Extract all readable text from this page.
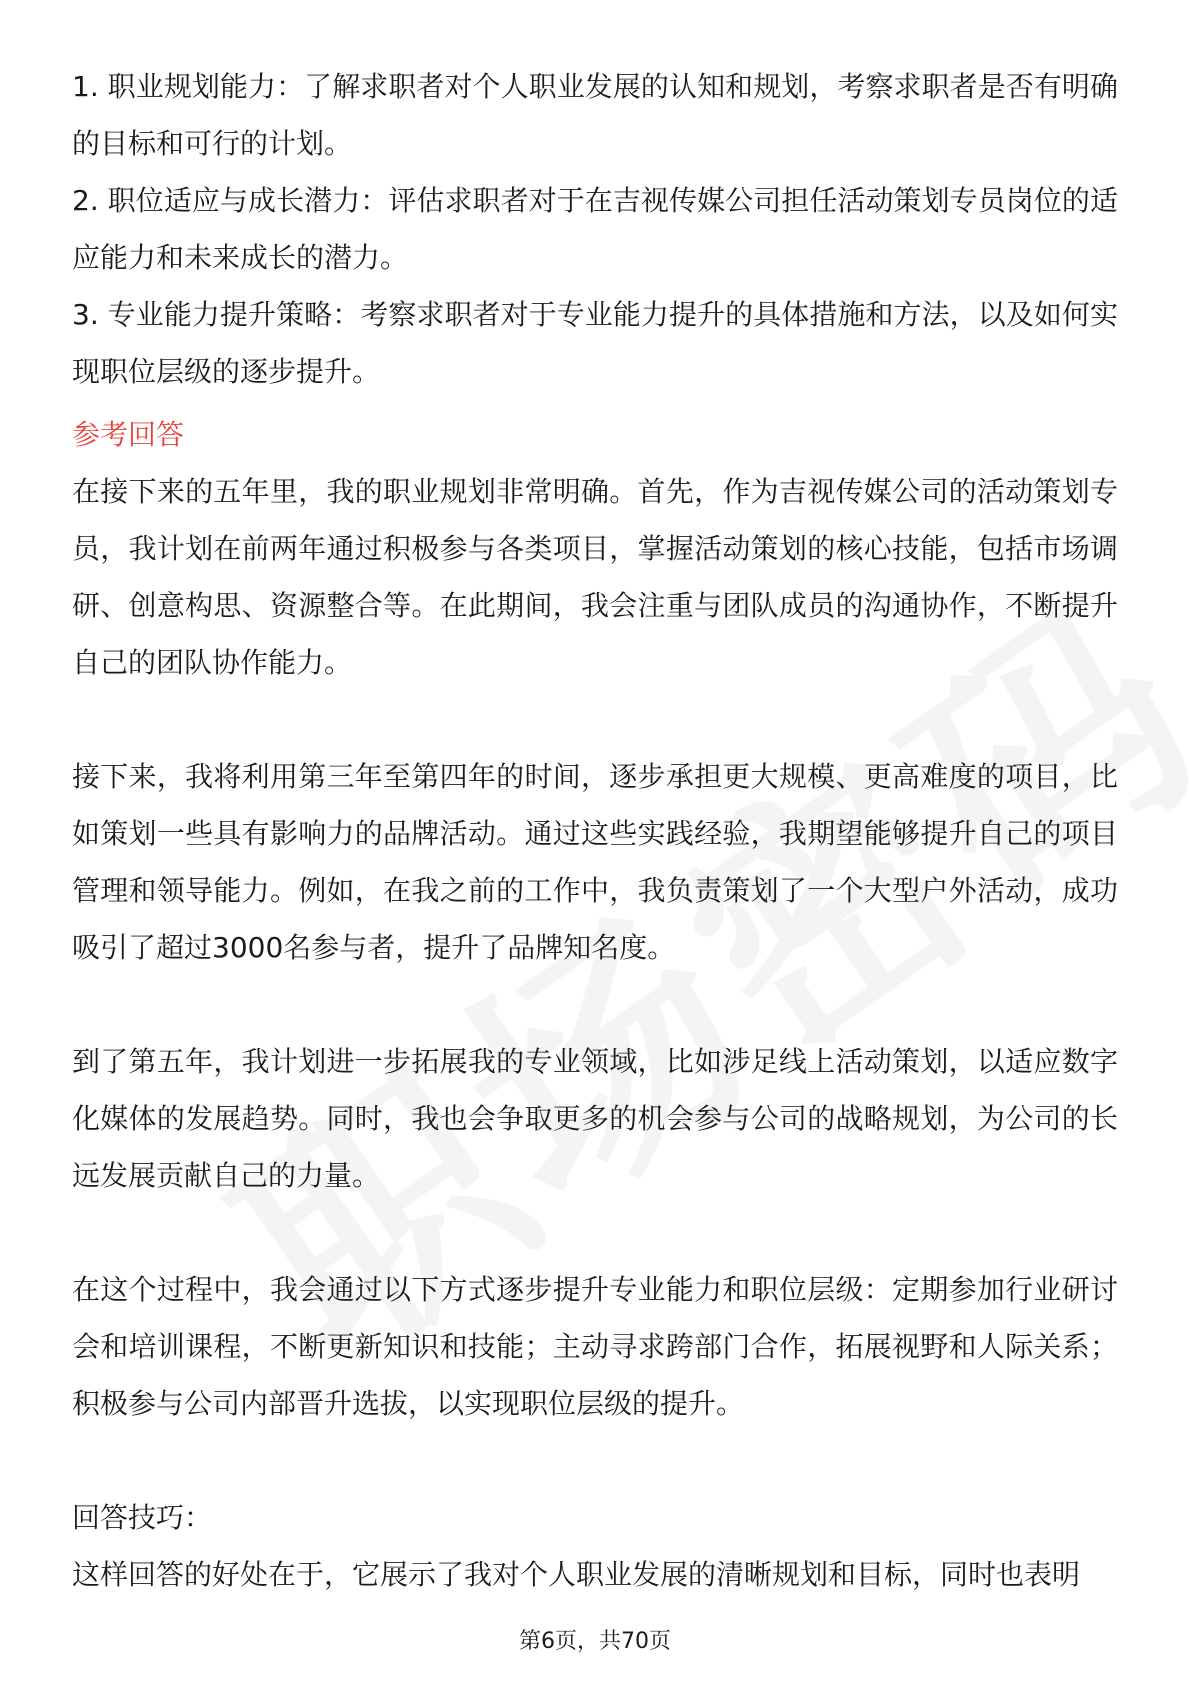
1. 职业规划能力：了解求职者对个人职业发展的认知和规划，考察求职者是否有明确的目标和可行的计划。

2. 职位适应与成长潜力：评估求职者对于在吉视传媒公司担任活动策划专员岗位的适应能力和未来成长的潜力。

3. 专业能力提升策略：考察求职者对于专业能力提升的具体措施和方法，以及如何实现职位层级的逐步提升。

参考回答

在接下来的五年里，我的职业规划非常明确。首先，作为吉视传媒公司的活动策划专员，我计划在前两年通过积极参与各类项目，掌握活动策划的核心技能，包括市场调研、创意构思、资源整合等。在此期间，我会注重与团队成员的沟通协作，不断提升自己的团队协作能力。

接下来，我将利用第三年至第四年的时间，逐步承担更大规模、更高难度的项目，比如策划一些具有影响力的品牌活动。通过这些实践经验，我期望能够提升自己的项目管理和领导能力。例如，在我之前的工作中，我负责策划了一个大型户外活动，成功吸引了超过3000名参与者，提升了品牌知名度。

到了第五年，我计划进一步拓展我的专业领域，比如涉足线上活动策划，以适应数字化媒体的发展趋势。同时，我也会争取更多的机会参与公司的战略规划，为公司的长远发展贡献自己的力量。

在这个过程中，我会通过以下方式逐步提升专业能力和职位层级：定期参加行业研讨会和培训课程，不断更新知识和技能；主动寻求跨部门合作，拓展视野和人际关系；积极参与公司内部晋升选拔，以实现职位层级的提升。

回答技巧：

这样回答的好处在于，它展示了我对个人职业发展的清晰规划和目标，同时也表明

第6页，共70页
